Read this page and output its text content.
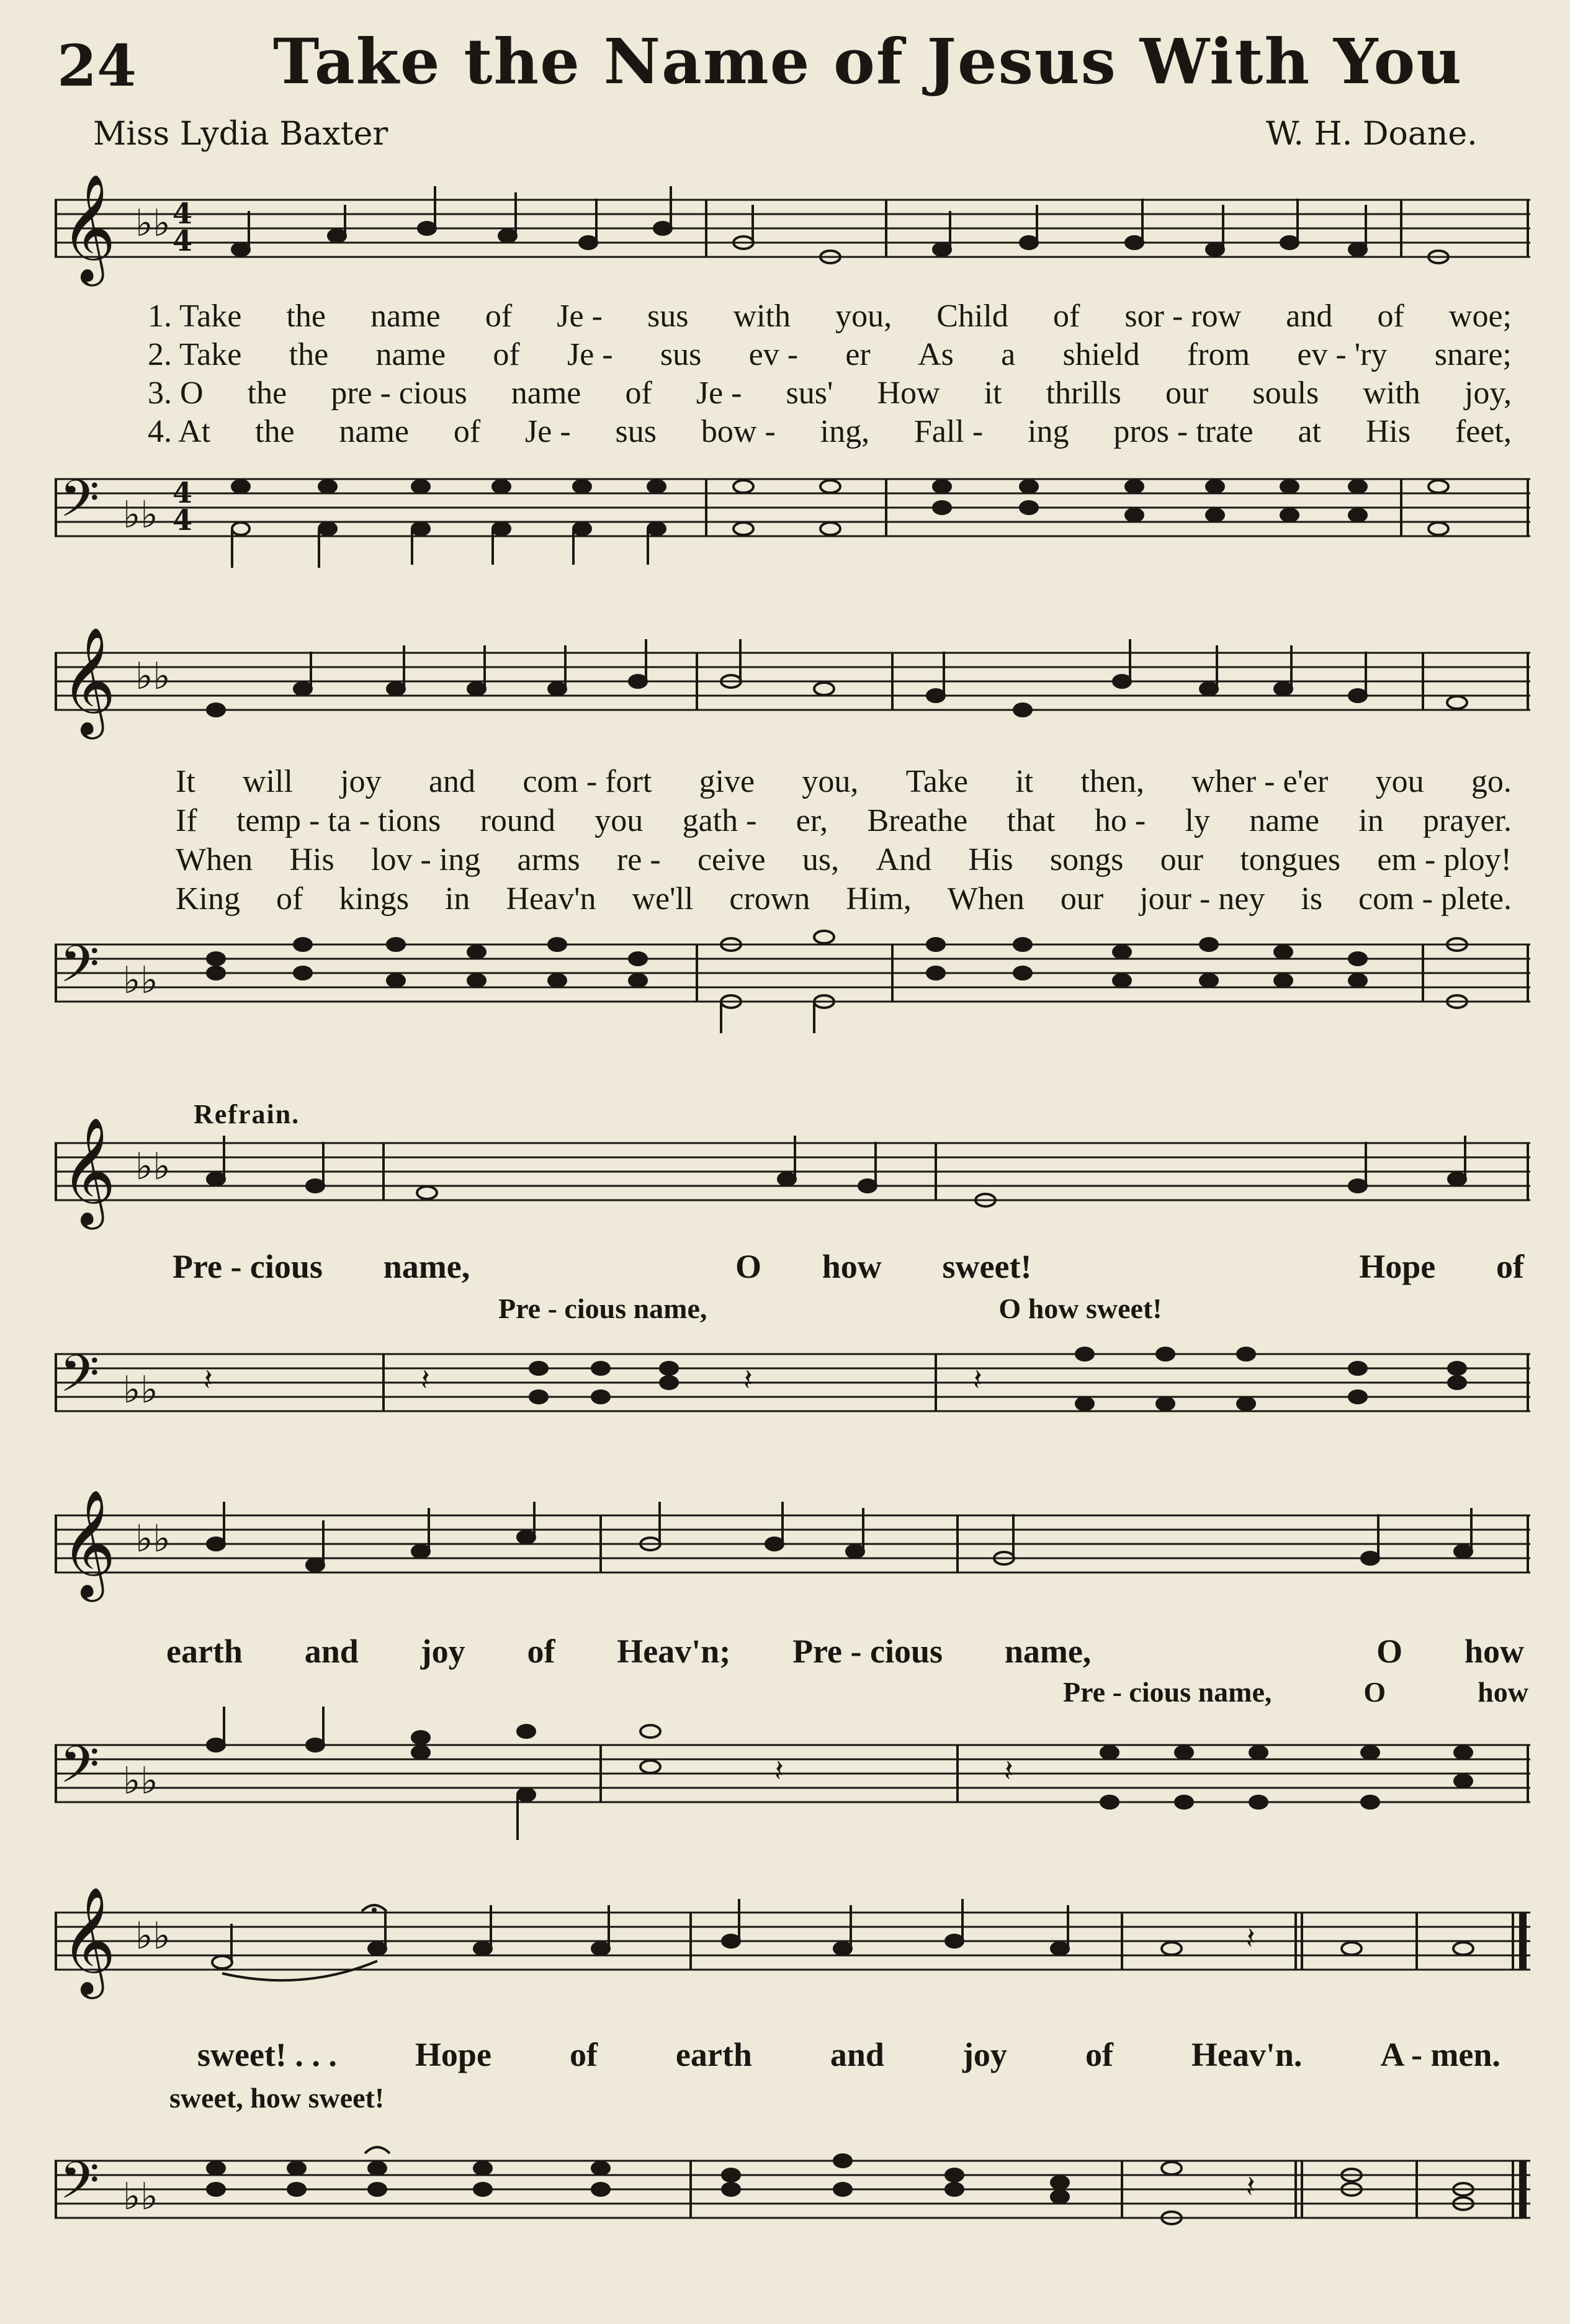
24 Take the Name of Jesus With You
Miss Lydia Baxter	W. H. Doane.
𝄞 ♭♭ 4
4
1. Take the name of Je - sus with you, Child of sor - row and of woe;
2. Take the name of Je - sus ev - er As a shield from ev - 'ry snare;
3. O the pre - cious name of Je - sus' How it thrills our souls with joy,
4. At the name of Je - sus bow - ing, Fall - ing pros - trate at His feet,
𝄢 ♭♭
4
4
𝄞 ♭♭
It will joy and com - fort give you, Take it then, wher - e'er you go.
If temp - ta - tions round you gath - er, Breathe that ho - ly name in prayer.
When His lov - ing arms re - ceive us, And His songs our tongues em - ploy!
King of kings in Heav'n we'll crown Him, When our jour - ney is com - plete.
𝄢 ♭♭
Refrain.
𝄞 ♭♭
Pre - cious name,	O how sweet!	Hope of
Pre - cious name,	O how sweet!
𝄢 ♭♭ 𝄽	𝄽	𝄽	𝄽
𝄞 ♭♭
earth and joy of Heav'n; Pre - cious name,	O how
Pre - cious name,	O	how
𝄢 ♭♭	𝄽	𝄽
𝄞 ♭♭	𝄽
sweet! . . . Hope of earth and joy of Heav'n. A - men.
sweet, how sweet!
𝄢 ♭♭	𝄽
